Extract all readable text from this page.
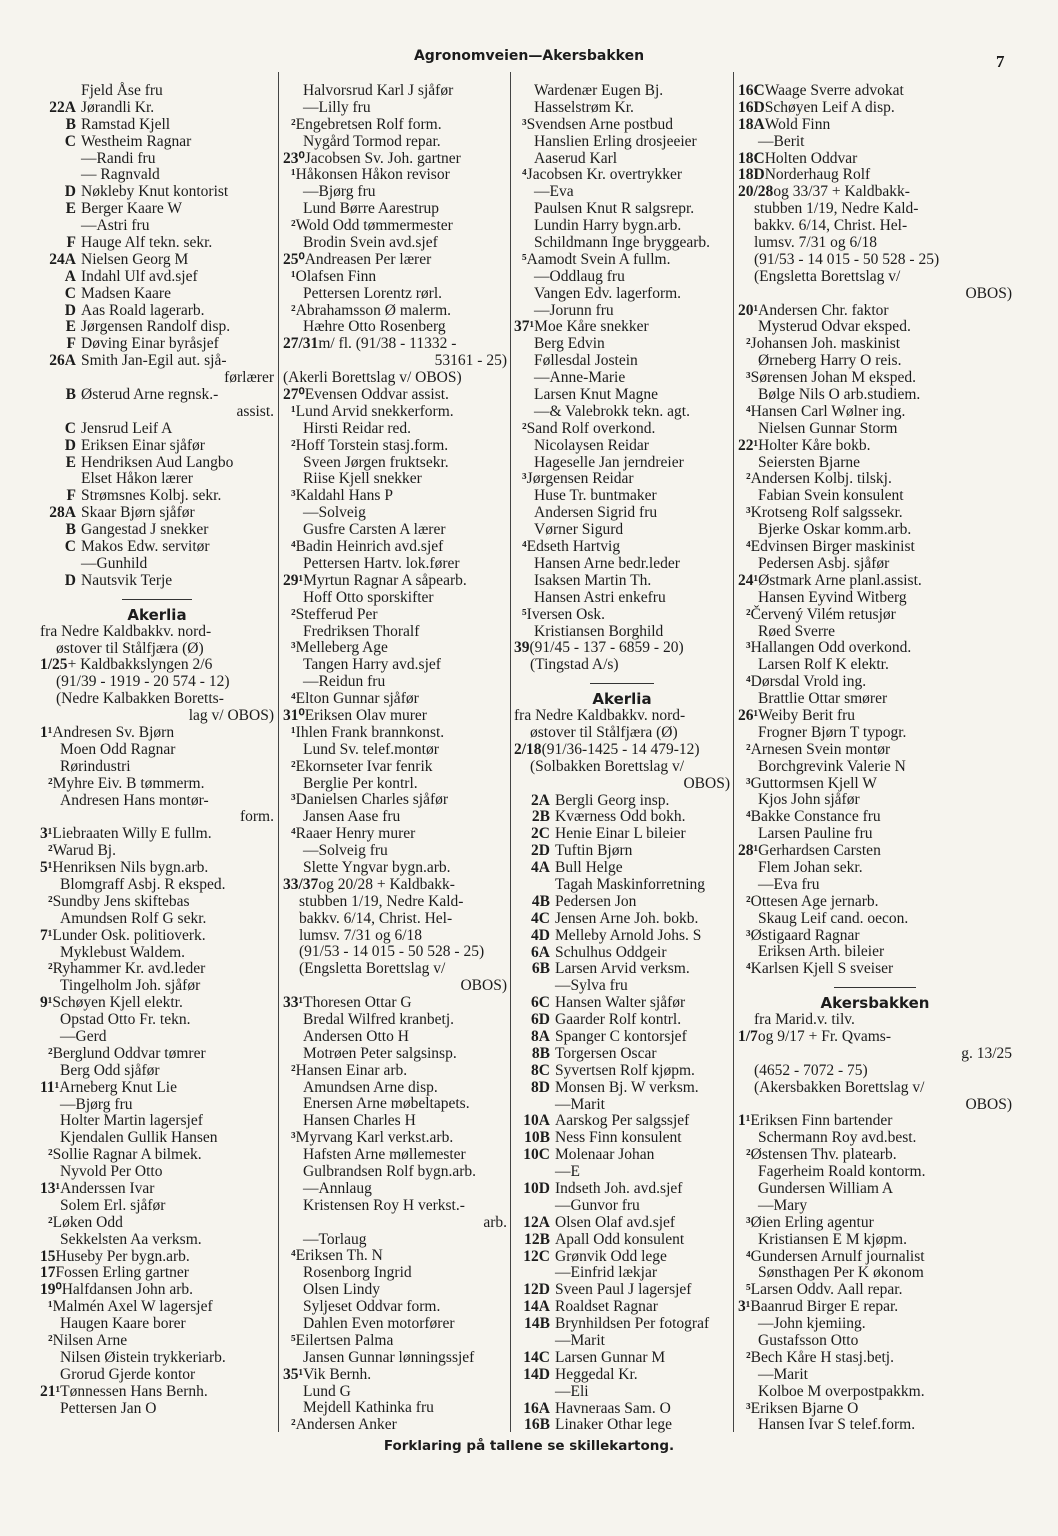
Agronomveien—Akersbakken	7
Fjeld Åse fru
22A Jørandli Kr.
B Ramstad Kjell
C Westheim Ragnar
—Randi fru
— Ragnvald
D Nøkleby Knut kontorist
E Berger Kaare W
—Astri fru
F Hauge Alf tekn. sekr.
24A Nielsen Georg M
A Indahl Ulf avd.sjef
C Madsen Kaare
D Aas Roald lagerarb.
E Jørgensen Randolf disp.
F Døving Einar byråsjef
26A Smith Jan-Egil aut. sjå-
førlærer
B Østerud Arne regnsk.-
assist.
C Jensrud Leif A
D Eriksen Einar sjåfør
E Hendriksen Aud Langbo
Elset Håkon lærer
F Strømsnes Kolbj. sekr.
28A Skaar Bjørn sjåfør
B Gangestad J snekker
C Makos Edw. servitør
—Gunhild
D Nautsvik Terje
Akerlia
fra Nedre Kaldbakkv. nord-
østover til Stålfjæra (Ø)
1/25+ Kaldbakkslyngen 2/6
(91/39 - 1919 - 20 574 - 12)
(Nedre Kalbakken Boretts-
lag v/ OBOS)
1¹Andresen Sv. Bjørn
Moen Odd Ragnar
Rørindustri
²Myhre Eiv. B tømmerm.
Andresen Hans montør-
form.
3¹Liebraaten Willy E fullm.
²Warud Bj.
5¹Henriksen Nils bygn.arb.
Blomgraff Asbj. R eksped.
²Sundby Jens skiftebas
Amundsen Rolf G sekr.
7¹Lunder Osk. politioverk.
Myklebust Waldem.
²Ryhammer Kr. avd.leder
Tingelholm Joh. sjåfør
9¹Schøyen Kjell elektr.
Opstad Otto Fr. tekn.
—Gerd
²Berglund Oddvar tømrer
Berg Odd sjåfør
11¹Arneberg Knut Lie
—Bjørg fru
Holter Martin lagersjef
Kjendalen Gullik Hansen
²Sollie Ragnar A bilmek.
Nyvold Per Otto
13¹Anderssen Ivar
Solem Erl. sjåfør
²Løken Odd
Sekkelsten Aa verksm.
15Huseby Per bygn.arb.
17Fossen Erling gartner
19⁰Halfdansen John arb.
¹Malmén Axel W lagersjef
Haugen Kaare borer
²Nilsen Arne
Nilsen Øistein trykkeriarb.
Grorud Gjerde kontor
21¹Tønnessen Hans Bernh.
Pettersen Jan O
Halvorsrud Karl J sjåfør
—Lilly fru
²Engebretsen Rolf form.
Nygård Tormod repar.
23⁰Jacobsen Sv. Joh. gartner
¹Håkonsen Håkon revisor
—Bjørg fru
Lund Børre Aarestrup
²Wold Odd tømmermester
Brodin Svein avd.sjef
25⁰Andreasen Per lærer
¹Olafsen Finn
Pettersen Lorentz rørl.
²Abrahamsson Ø malerm.
Hæhre Otto Rosenberg
27/31m/ fl. (91/38 - 11332 -
53161 - 25)
(Akerli Borettslag v/ OBOS)
27⁰Evensen Oddvar assist.
¹Lund Arvid snekkerform.
Hirsti Reidar red.
²Hoff Torstein stasj.form.
Sveen Jørgen fruktsekr.
Riise Kjell snekker
³Kaldahl Hans P
—Solveig
Gusfre Carsten A lærer
⁴Badin Heinrich avd.sjef
Pettersen Hartv. lok.fører
29¹Myrtun Ragnar A såpearb.
Hoff Otto sporskifter
²Stefferud Per
Fredriksen Thoralf
³Melleberg Age
Tangen Harry avd.sjef
—Reidun fru
⁴Elton Gunnar sjåfør
31⁰Eriksen Olav murer
¹Ihlen Frank brannkonst.
Lund Sv. telef.montør
²Ekornseter Ivar fenrik
Berglie Per kontrl.
³Danielsen Charles sjåfør
Jansen Aase fru
⁴Raaer Henry murer
—Solveig fru
Slette Yngvar bygn.arb.
33/37og 20/28 + Kaldbakk-
stubben 1/19, Nedre Kald-
bakkv. 6/14, Christ. Hel-
lumsv. 7/31 og 6/18
(91/53 - 14 015 - 50 528 - 25)
(Engsletta Borettslag v/
OBOS)
33¹Thoresen Ottar G
Bredal Wilfred kranbetj.
Andersen Otto H
Motrøen Peter salgsinsp.
²Hansen Einar arb.
Amundsen Arne disp.
Enersen Arne møbeltapets.
Hansen Charles H
³Myrvang Karl verkst.arb.
Hafsten Arne møllemester
Gulbrandsen Rolf bygn.arb.
—Annlaug
Kristensen Roy H verkst.-
arb.
—Torlaug
⁴Eriksen Th. N
Rosenborg Ingrid
Olsen Lindy
Syljeset Oddvar form.
Dahlen Even motorfører
⁵Eilertsen Palma
Jansen Gunnar lønningssjef
35¹Vik Bernh.
Lund G
Mejdell Kathinka fru
²Andersen Anker
Wardenær Eugen Bj.
Hasselstrøm Kr.
³Svendsen Arne postbud
Hanslien Erling drosjeeier
Aaserud Karl
⁴Jacobsen Kr. overtrykker
—Eva
Paulsen Knut R salgsrepr.
Lundin Harry bygn.arb.
Schildmann Inge bryggearb.
⁵Aamodt Svein A fullm.
—Oddlaug fru
Vangen Edv. lagerform.
—Jorunn fru
37¹Moe Kåre snekker
Berg Edvin
Føllesdal Jostein
—Anne-Marie
Larsen Knut Magne
—& Valebrokk tekn. agt.
²Sand Rolf overkond.
Nicolaysen Reidar
Hageselle Jan jerndreier
³Jørgensen Reidar
Huse Tr. buntmaker
Andersen Sigrid fru
Vørner Sigurd
⁴Edseth Hartvig
Hansen Arne bedr.leder
Isaksen Martin Th.
Hansen Astri enkefru
⁵Iversen Osk.
Kristiansen Borghild
39(91/45 - 137 - 6859 - 20)
(Tingstad A/s)
Akerlia
fra Nedre Kaldbakkv. nord-
østover til Stålfjæra (Ø)
2/18(91/36-1425 - 14 479-12)
(Solbakken Borettslag v/
OBOS)
2A Bergli Georg insp.
2B Kværness Odd bokh.
2C Henie Einar L bileier
2D Tuftin Bjørn
4A Bull Helge
Tagah Maskinforretning
4B Pedersen Jon
4C Jensen Arne Joh. bokb.
4D Melleby Arnold Johs. S
6A Schulhus Oddgeir
6B Larsen Arvid verksm.
—Sylva fru
6C Hansen Walter sjåfør
6D Gaarder Rolf kontrl.
8A Spanger C kontorsjef
8B Torgersen Oscar
8C Syvertsen Rolf kjøpm.
8D Monsen Bj. W verksm.
—Marit
10A Aarskog Per salgssjef
10B Ness Finn konsulent
10C Molenaar Johan
—E
10D Indseth Joh. avd.sjef
—Gunvor fru
12A Olsen Olaf avd.sjef
12B Apall Odd konsulent
12C Grønvik Odd lege
—Einfrid lækjar
12D Sveen Paul J lagersjef
14A Roaldset Ragnar
14B Brynhildsen Per fotograf
—Marit
14C Larsen Gunnar M
14D Heggedal Kr.
—Eli
16A Havneraas Sam. O
16B Linaker Othar lege
16CWaage Sverre advokat
16DSchøyen Leif A disp.
18AWold Finn
—Berit
18CHolten Oddvar
18DNorderhaug Rolf
20/28og 33/37 + Kaldbakk-
stubben 1/19, Nedre Kald-
bakkv. 6/14, Christ. Hel-
lumsv. 7/31 og 6/18
(91/53 - 14 015 - 50 528 - 25)
(Engsletta Borettslag v/
OBOS)
20¹Andersen Chr. faktor
Mysterud Odvar eksped.
²Johansen Joh. maskinist
Ørneberg Harry O reis.
³Sørensen Johan M eksped.
Bølge Nils O arb.studiem.
⁴Hansen Carl Wølner ing.
Nielsen Gunnar Storm
22¹Holter Kåre bokb.
Seiersten Bjarne
²Andersen Kolbj. tilskj.
Fabian Svein konsulent
³Krotseng Rolf salgssekr.
Bjerke Oskar komm.arb.
⁴Edvinsen Birger maskinist
Pedersen Asbj. sjåfør
24¹Østmark Arne planl.assist.
Hansen Eyvind Witberg
²Červený Vilém retusjør
Røed Sverre
³Hallangen Odd overkond.
Larsen Rolf K elektr.
⁴Dørsdal Vrold ing.
Brattlie Ottar smører
26¹Weiby Berit fru
Frogner Bjørn T typogr.
²Arnesen Svein montør
Borchgrevink Valerie N
³Guttormsen Kjell W
Kjos John sjåfør
⁴Bakke Constance fru
Larsen Pauline fru
28¹Gerhardsen Carsten
Flem Johan sekr.
—Eva fru
²Ottesen Age jernarb.
Skaug Leif cand. oecon.
³Østigaard Ragnar
Eriksen Arth. bileier
⁴Karlsen Kjell S sveiser
Akersbakken
fra Marid.v. tilv.
1/7og 9/17 + Fr. Qvams-
g. 13/25
(4652 - 7072 - 75)
(Akersbakken Borettslag v/
OBOS)
1¹Eriksen Finn bartender
Schermann Roy avd.best.
²Østensen Thv. platearb.
Fagerheim Roald kontorm.
Gundersen William A
—Mary
³Øien Erling agentur
Kristiansen E M kjøpm.
⁴Gundersen Arnulf journalist
Sønsthagen Per K økonom
⁵Larsen Oddv. Aall repar.
3¹Baanrud Birger E repar.
—John kjemiing.
Gustafsson Otto
²Bech Kåre H stasj.betj.
—Marit
Kolboe M overpostpakkm.
³Eriksen Bjarne O
Hansen Ivar S telef.form.
Forklaring på tallene se skillekartong.
